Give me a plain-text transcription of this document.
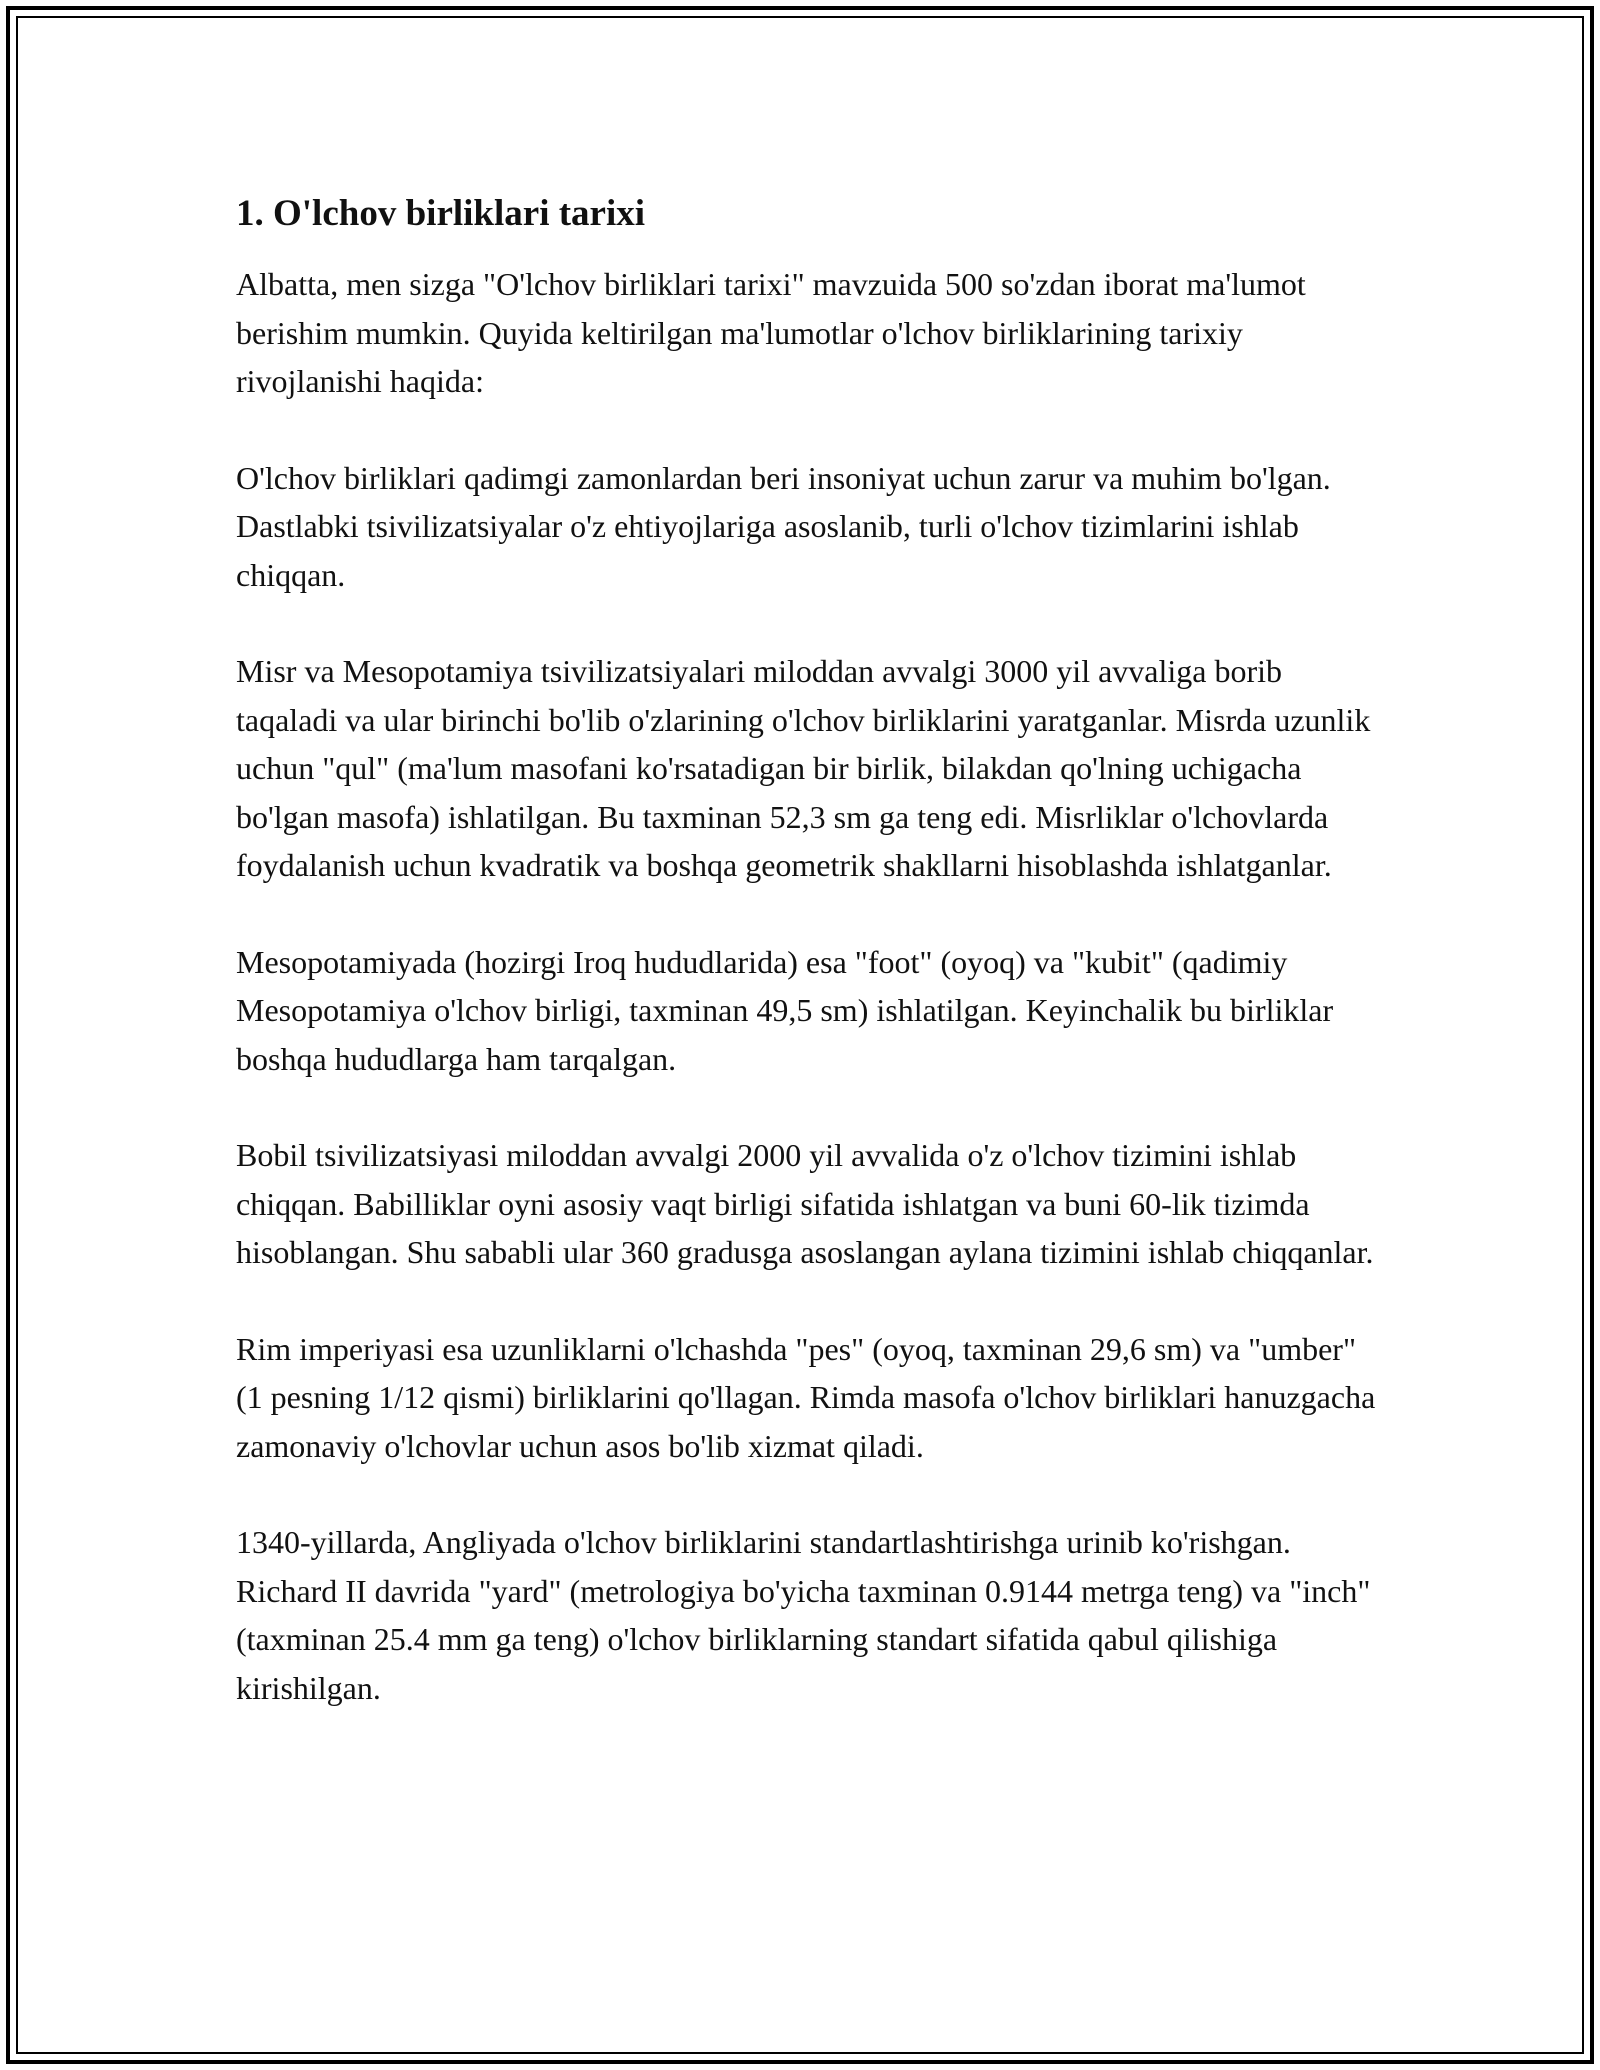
1. O'lchov birliklari tarixi

Albatta, men sizga "O'lchov birliklari tarixi" mavzuida 500 so'zdan iborat ma'lumot berishim mumkin. Quyida keltirilgan ma'lumotlar o'lchov birliklarining tarixiy rivojlanishi haqida:

O'lchov birliklari qadimgi zamonlardan beri insoniyat uchun zarur va muhim bo'lgan. Dastlabki tsivilizatsiyalar o'z ehtiyojlariga asoslanib, turli o'lchov tizimlarini ishlab chiqqan.

Misr va Mesopotamiya tsivilizatsiyalari miloddan avvalgi 3000 yil avvaliga borib taqaladi va ular birinchi bo'lib o'zlarining o'lchov birliklarini yaratganlar. Misrda uzunlik uchun "qul" (ma'lum masofani ko'rsatadigan bir birlik, bilakdan qo'lning uchigacha bo'lgan masofa) ishlatilgan. Bu taxminan 52,3 sm ga teng edi. Misrliklar o'lchovlarda foydalanish uchun kvadratik va boshqa geometrik shakllarni hisoblashda ishlatganlar.

Mesopotamiyada (hozirgi Iroq hududlarida) esa "foot" (oyoq) va "kubit" (qadimiy Mesopotamiya o'lchov birligi, taxminan 49,5 sm) ishlatilgan. Keyinchalik bu birliklar boshqa hududlarga ham tarqalgan.

Bobil tsivilizatsiyasi miloddan avvalgi 2000 yil avvalida o'z o'lchov tizimini ishlab chiqqan. Babilliklar oyni asosiy vaqt birligi sifatida ishlatgan va buni 60-lik tizimda hisoblangan. Shu sababli ular 360 gradusga asoslangan aylana tizimini ishlab chiqqanlar.

Rim imperiyasi esa uzunliklarni o'lchashda "pes" (oyoq, taxminan 29,6 sm) va "umber" (1 pesning 1/12 qismi) birliklarini qo'llagan. Rimda masofa o'lchov birliklari hanuzgacha zamonaviy o'lchovlar uchun asos bo'lib xizmat qiladi.

1340-yillarda, Angliyada o'lchov birliklarini standartlashtirishga urinib ko'rishgan. Richard II davrida "yard" (metrologiya bo'yicha taxminan 0.9144 metrga teng) va "inch" (taxminan 25.4 mm ga teng) o'lchov birliklarning standart sifatida qabul qilishiga kirishilgan.
